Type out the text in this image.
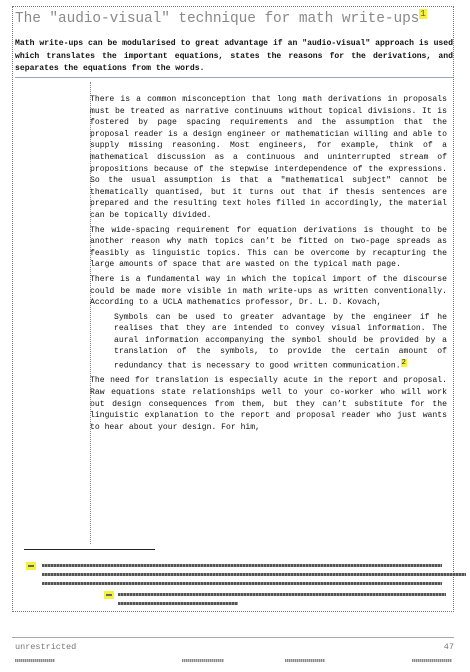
The "audio-visual" technique for math write-ups$^1$
Math write-ups can be modularised to great advantage if an "audio-visual" approach is used which translates the important equations, states the reasons for the derivations, and separates the equations from the words.

There is a common misconception that long math derivations in proposals must be treated as narrative continuums without topical divisions. It is fostered by page spacing requirements and the assumption that the proposal reader is a design engineer or mathematician willing and able to supply missing reasoning. Most engineers, for example, think of a mathematical discussion as a continuous and uninterrupted stream of propositions because of the stepwise interdependence of the expressions. So the usual assumption is that a "mathematical subject" cannot be thematically quantised, but it turns out that if thesis sentences are prepared and the resulting text holes filled in accordingly, the material can be topically divided.

The wide-spacing requirement for equation derivations is thought to be another reason why math topics can’t be fitted on two-page spreads as feasibly as linguistic topics. This can be overcome by recapturing the large amounts of space that are wasted on the typical math page.

There is a fundamental way in which the topical import of the discourse could be made more visible in math write-ups as written conventionally. According to a UCLA mathematics professor, Dr. L. D. Kovach,

Symbols can be used to greater advantage by the engineer if he realises that they are intended to convey visual information. The aural information accompanying the symbol should be provided by a translation of the symbols, to provide the certain amount of redundancy that is necessary to good written communication.2

The need for translation is especially acute in the report and proposal. Raw equations state relationships well to your co-worker who will work out design consequences from them, but they can’t substitute for the linguistic explanation to the report and proposal reader who just wants to hear about your design. For him,

unrestricted	47
